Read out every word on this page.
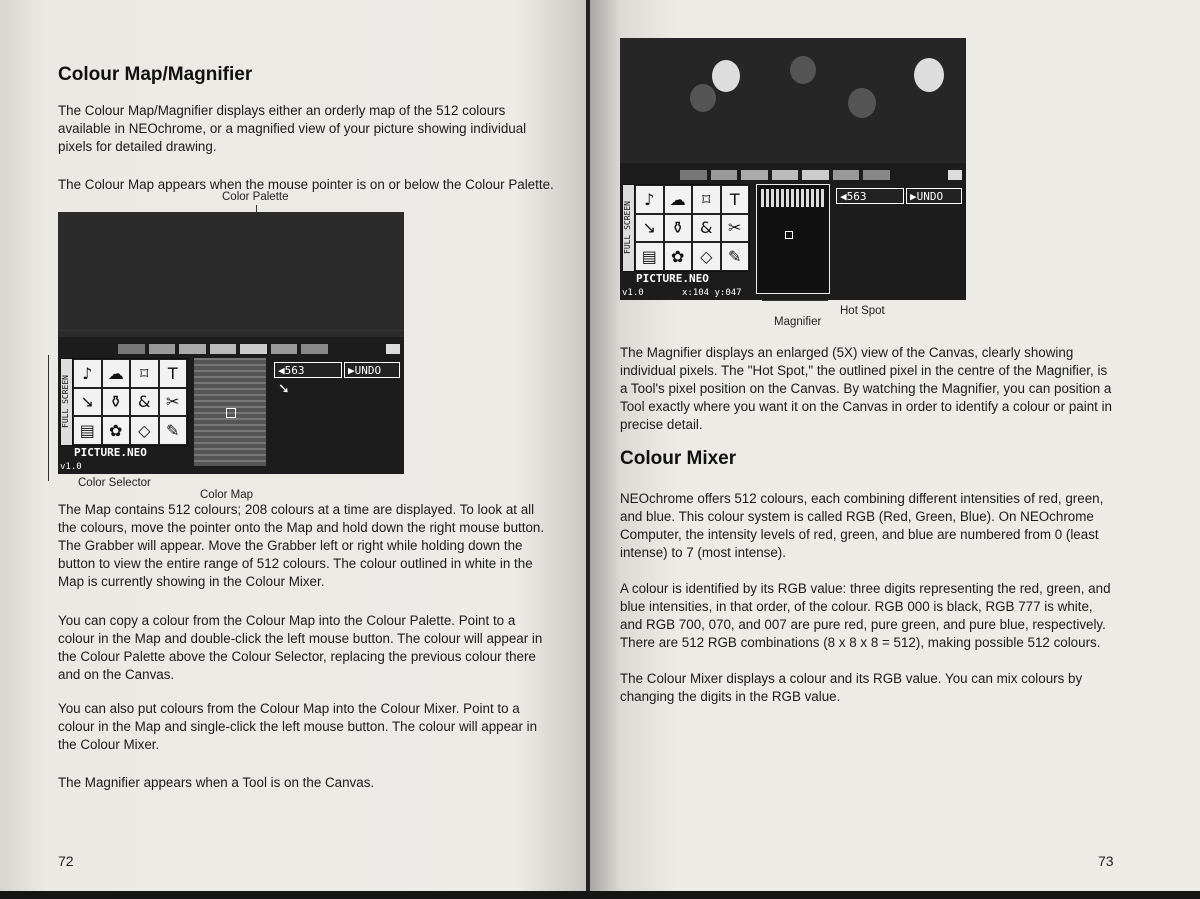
Colour Map/Magnifier

The Colour Map/Magnifier displays either an orderly map of the 512 colours available in NEOchrome, or a magnified view of your picture showing individual pixels for detailed drawing.

The Colour Map appears when the mouse pointer is on or below the Colour Palette.

Color Palette
FULL SCREEN
♪ ☁	⌑	T
↘ ⚱ & ✂
▤ ✿ ◇ ✎
PICTURE.NEO
v1.0
◀ 563	▶ UNDO
➘
Color Selector
Color Map

The Map contains 512 colours; 208 colours at a time are displayed. To look at all the colours, move the pointer onto the Map and hold down the right mouse button. The Grabber will appear. Move the Grabber left or right while holding down the button to view the entire range of 512 colours. The colour outlined in white in the Map is currently showing in the Colour Mixer.

You can copy a colour from the Colour Map into the Colour Palette. Point to a colour in the Map and double-click the left mouse button. The colour will appear in the Colour Palette above the Colour Selector, replacing the previous colour there and on the Canvas.

You can also put colours from the Colour Map into the Colour Mixer. Point to a colour in the Map and single-click the left mouse button. The colour will appear in the Colour Mixer.

The Magnifier appears when a Tool is on the Canvas.

72
FULL SCREEN
♪ ☁	⌑	T
↘ ⚱ & ✂
▤ ✿ ◇ ✎
PICTURE.NEO
v1.0	x:104 y:047
◀ 563	▶ UNDO
Magnifier
Hot Spot

The Magnifier displays an enlarged (5X) view of the Canvas, clearly showing individual pixels. The "Hot Spot," the outlined pixel in the centre of the Magnifier, is a Tool's pixel position on the Canvas. By watching the Magnifier, you can position a Tool exactly where you want it on the Canvas in order to identify a colour or paint in precise detail.

Colour Mixer

NEOchrome offers 512 colours, each combining different intensities of red, green, and blue. This colour system is called RGB (Red, Green, Blue). On NEOchrome Computer, the intensity levels of red, green, and blue are numbered from 0 (least intense) to 7 (most intense).

A colour is identified by its RGB value: three digits representing the red, green, and blue intensities, in that order, of the colour. RGB 000 is black, RGB 777 is white, and RGB 700, 070, and 007 are pure red, pure green, and pure blue, respectively. There are 512 RGB combinations (8 x 8 x 8 = 512), making possible 512 colours.

The Colour Mixer displays a colour and its RGB value. You can mix colours by changing the digits in the RGB value.

73
